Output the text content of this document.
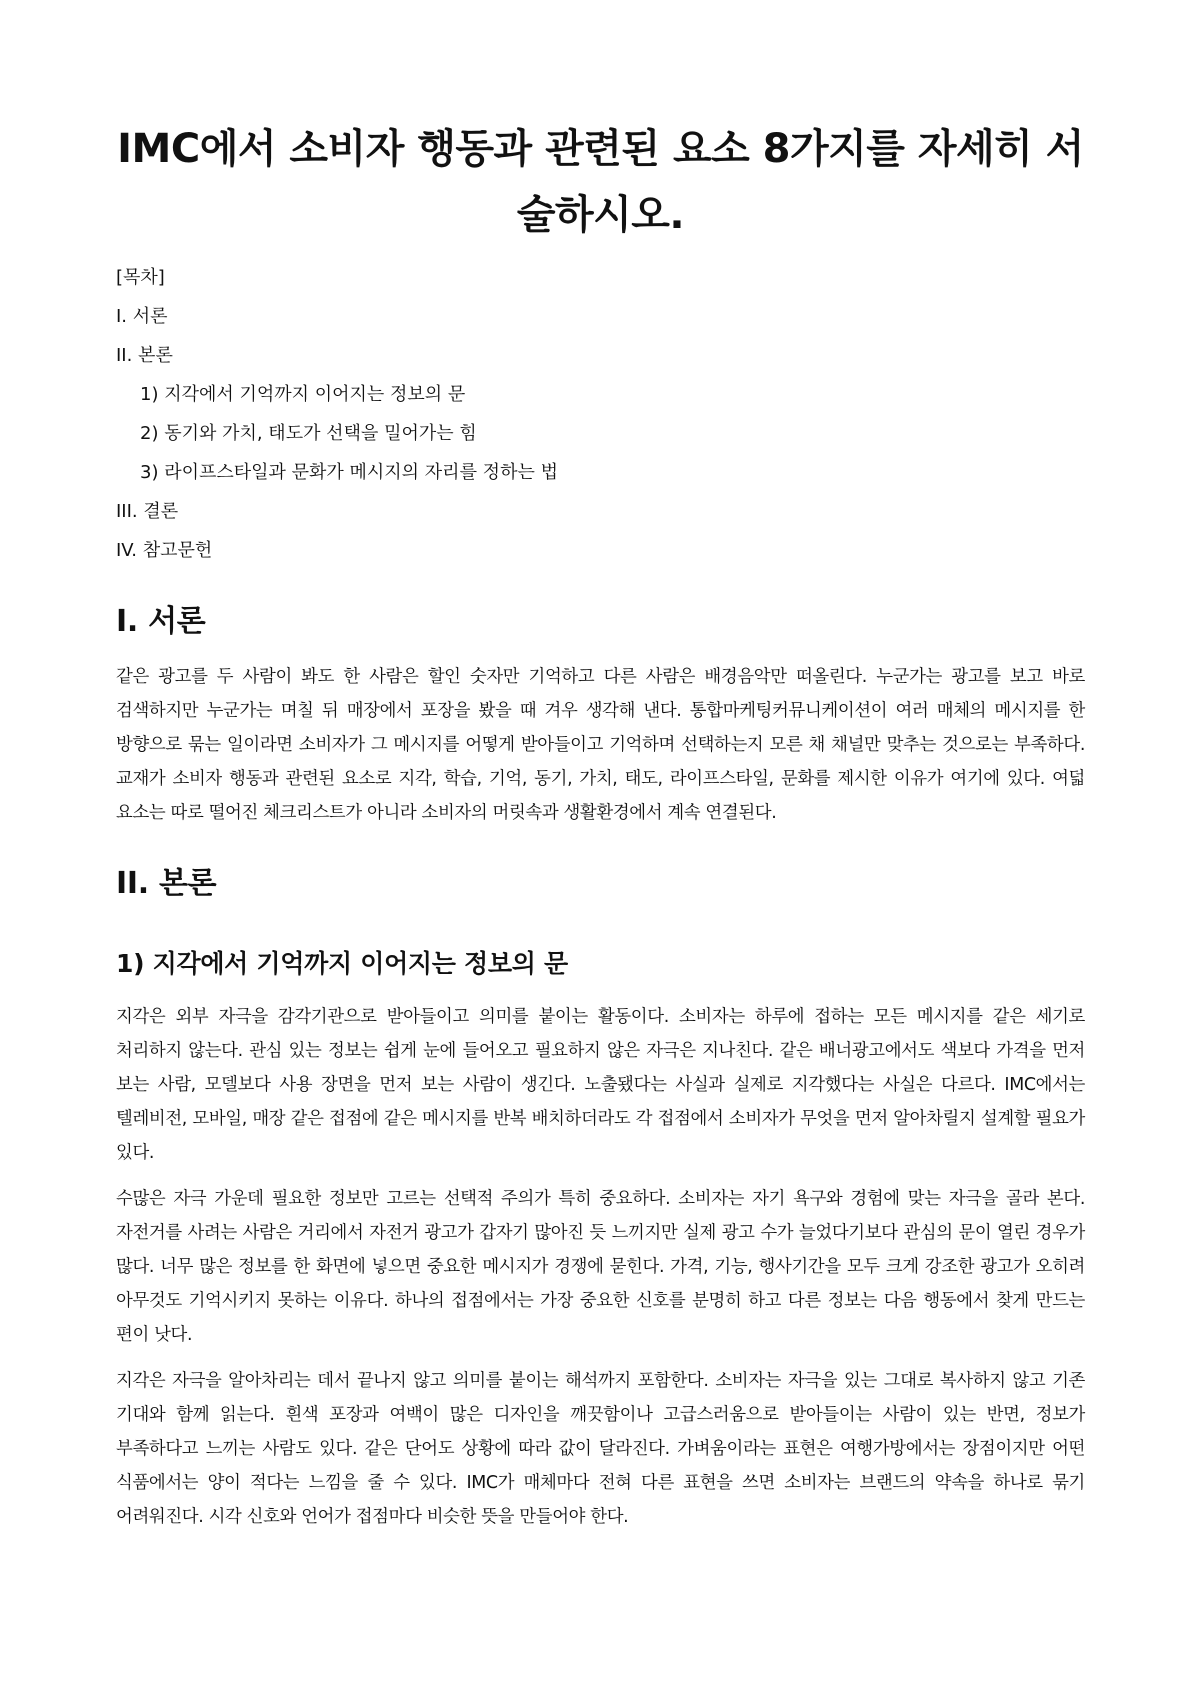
IMC에서 소비자 행동과 관련된 요소 8가지를 자세히 서술하시오.
[목차]
I. 서론
II. 본론
1) 지각에서 기억까지 이어지는 정보의 문
2) 동기와 가치, 태도가 선택을 밀어가는 힘
3) 라이프스타일과 문화가 메시지의 자리를 정하는 법
III. 결론
IV. 참고문헌
I. 서론

같은 광고를 두 사람이 봐도 한 사람은 할인 숫자만 기억하고 다른 사람은 배경음악만 떠올린다. 누군가는 광고를 보고 바로 검색하지만 누군가는 며칠 뒤 매장에서 포장을 봤을 때 겨우 생각해 낸다. 통합마케팅커뮤니케이션이 여러 매체의 메시지를 한 방향으로 묶는 일이라면 소비자가 그 메시지를 어떻게 받아들이고 기억하며 선택하는지 모른 채 채널만 맞추는 것으로는 부족하다. 교재가 소비자 행동과 관련된 요소로 지각, 학습, 기억, 동기, 가치, 태도, 라이프스타일, 문화를 제시한 이유가 여기에 있다. 여덟 요소는 따로 떨어진 체크리스트가 아니라 소비자의 머릿속과 생활환경에서 계속 연결된다.

II. 본론
1) 지각에서 기억까지 이어지는 정보의 문

지각은 외부 자극을 감각기관으로 받아들이고 의미를 붙이는 활동이다. 소비자는 하루에 접하는 모든 메시지를 같은 세기로 처리하지 않는다. 관심 있는 정보는 쉽게 눈에 들어오고 필요하지 않은 자극은 지나친다. 같은 배너광고에서도 색보다 가격을 먼저 보는 사람, 모델보다 사용 장면을 먼저 보는 사람이 생긴다. 노출됐다는 사실과 실제로 지각했다는 사실은 다르다. IMC에서는 텔레비전, 모바일, 매장 같은 접점에 같은 메시지를 반복 배치하더라도 각 접점에서 소비자가 무엇을 먼저 알아차릴지 설계할 필요가 있다.

수많은 자극 가운데 필요한 정보만 고르는 선택적 주의가 특히 중요하다. 소비자는 자기 욕구와 경험에 맞는 자극을 골라 본다. 자전거를 사려는 사람은 거리에서 자전거 광고가 갑자기 많아진 듯 느끼지만 실제 광고 수가 늘었다기보다 관심의 문이 열린 경우가 많다. 너무 많은 정보를 한 화면에 넣으면 중요한 메시지가 경쟁에 묻힌다. 가격, 기능, 행사기간을 모두 크게 강조한 광고가 오히려 아무것도 기억시키지 못하는 이유다. 하나의 접점에서는 가장 중요한 신호를 분명히 하고 다른 정보는 다음 행동에서 찾게 만드는 편이 낫다.

지각은 자극을 알아차리는 데서 끝나지 않고 의미를 붙이는 해석까지 포함한다. 소비자는 자극을 있는 그대로 복사하지 않고 기존 기대와 함께 읽는다. 흰색 포장과 여백이 많은 디자인을 깨끗함이나 고급스러움으로 받아들이는 사람이 있는 반면, 정보가 부족하다고 느끼는 사람도 있다. 같은 단어도 상황에 따라 값이 달라진다. 가벼움이라는 표현은 여행가방에서는 장점이지만 어떤 식품에서는 양이 적다는 느낌을 줄 수 있다. IMC가 매체마다 전혀 다른 표현을 쓰면 소비자는 브랜드의 약속을 하나로 묶기 어려워진다. 시각 신호와 언어가 접점마다 비슷한 뜻을 만들어야 한다.
